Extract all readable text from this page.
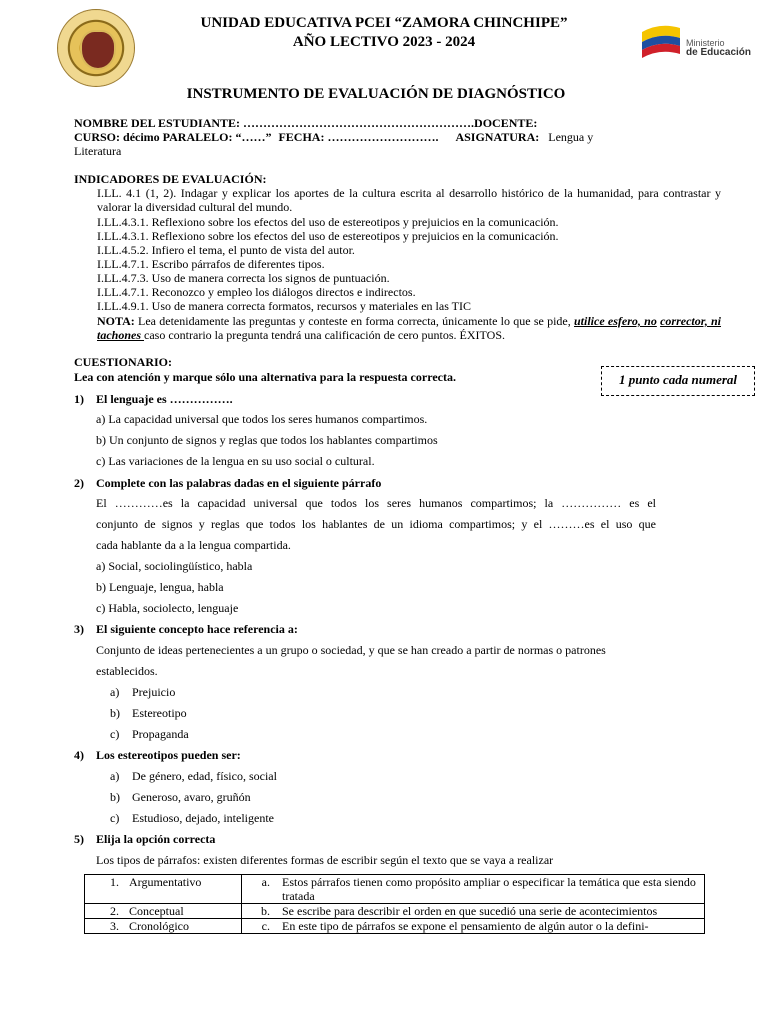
UNIDAD EDUCATIVA PCEI “ZAMORA CHINCHIPE”
AÑO LECTIVO 2023 - 2024	Ministerio
de Educación
INSTRUMENTO DE EVALUACIÓN DE DIAGNÓSTICO
NOMBRE DEL ESTUDIANTE: ………………………………………………….DOCENTE:
CURSO: décimo PARALELO: “……” FECHA: ………………………. ASIGNATURA: Lengua y
Literatura
INDICADORES DE EVALUACIÓN:
I.LL. 4.1 (1, 2). Indagar y explicar los aportes de la cultura escrita al desarrollo histórico de la humanidad, para contrastar y valorar la diversidad cultural del mundo.
I.LL.4.3.1. Reflexiono sobre los efectos del uso de estereotipos y prejuicios en la comunicación.
I.LL.4.3.1. Reflexiono sobre los efectos del uso de estereotipos y prejuicios en la comunicación.
I.LL.4.5.2. Infiero el tema, el punto de vista del autor.
I.LL.4.7.1. Escribo párrafos de diferentes tipos.
I.LL.4.7.3. Uso de manera correcta los signos de puntuación.
I.LL.4.7.1. Reconozco y empleo los diálogos directos e indirectos.
I.LL.4.9.1. Uso de manera correcta formatos, recursos y materiales en las TIC
NOTA: Lea detenidamente las preguntas y conteste en forma correcta, únicamente lo que se pide, utilice esfero, no corrector, ni tachones caso contrario la pregunta tendrá una calificación de cero puntos. ÉXITOS.
CUESTIONARIO:
Lea con atención y marque sólo una alternativa para la respuesta correcta.	1 punto cada numeral
1) El lenguaje es …………….
a) La capacidad universal que todos los seres humanos compartimos.
b) Un conjunto de signos y reglas que todos los hablantes compartimos
c) Las variaciones de la lengua en su uso social o cultural.
2) Complete con las palabras dadas en el siguiente párrafo
El …………es la capacidad universal que todos los seres humanos compartimos; la …………… es el
conjunto de signos y reglas que todos los hablantes de un idioma compartimos; y el ………es el uso que
cada hablante da a la lengua compartida.
a) Social, sociolingüístico, habla
b) Lenguaje, lengua, habla
c) Habla, sociolecto, lenguaje
3) El siguiente concepto hace referencia a:
Conjunto de ideas pertenecientes a un grupo o sociedad, y que se han creado a partir de normas o patrones
establecidos.
a) Prejuicio
b) Estereotipo
c) Propaganda
4) Los estereotipos pueden ser:
a) De género, edad, físico, social
b) Generoso, avaro, gruñón
c) Estudioso, dejado, inteligente
5) Elija la opción correcta
Los tipos de párrafos: existen diferentes formas de escribir según el texto que se vaya a realizar
1. Argumentativo	a. Estos párrafos tienen como propósito ampliar o especificar la temática que esta siendo tratada

2. Conceptual	b. Se escribe para describir el orden en que sucedió una serie de acontecimientos

3. Cronológico	c. En este tipo de párrafos se expone el pensamiento de algún autor o la defini-
